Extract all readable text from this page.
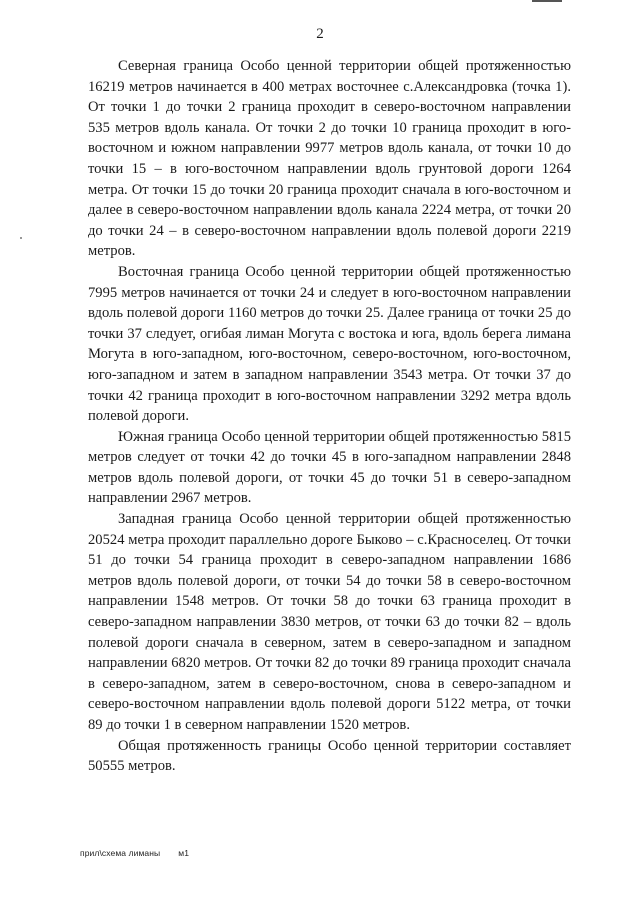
2

Северная граница Особо ценной территории общей протяженностью 16219 метров начинается в 400 метрах восточнее с.Александровка (точка 1). От точки 1 до точки 2 граница проходит в северо-восточном направлении 535 метров вдоль канала. От точки 2 до точки 10 граница проходит в юго-восточном и южном направлении 9977 метров вдоль канала, от точки 10 до точки 15 – в юго-восточном направлении вдоль грунтовой дороги 1264 метра. От точки 15 до точки 20 граница проходит сначала в юго-восточном и далее в северо-восточном направлении вдоль канала 2224 метра, от точки 20 до точки 24 – в северо-восточном направлении вдоль полевой дороги 2219 метров.

Восточная граница Особо ценной территории общей протяженностью 7995 метров начинается от точки 24 и следует в юго-восточном направлении вдоль полевой дороги 1160 метров до точки 25. Далее граница от точки 25 до точки 37 следует, огибая лиман Могута с востока и юга, вдоль берега лимана Могута в юго-западном, юго-восточном, северо-восточном, юго-восточном, юго-западном и затем в западном направлении 3543 метра. От точки 37 до точки 42 граница проходит в юго-восточном направлении 3292 метра вдоль полевой дороги.

Южная граница Особо ценной территории общей протяженностью 5815 метров следует от точки 42 до точки 45 в юго-западном направлении 2848 метров вдоль полевой дороги, от точки 45 до точки 51 в северо-западном направлении 2967 метров.

Западная граница Особо ценной территории общей протяженностью 20524 метра проходит параллельно дороге Быково – с.Красноселец. От точки 51 до точки 54 граница проходит в северо-западном направлении 1686 метров вдоль полевой дороги, от точки 54 до точки 58 в северо-восточном направлении 1548 метров. От точки 58 до точки 63 граница проходит в северо-западном направлении 3830 метров, от точки 63 до точки 82 – вдоль полевой дороги сначала в северном, затем в северо-западном и западном направлении 6820 метров. От точки 82 до точки 89 граница проходит сначала в северо-западном, затем в северо-восточном, снова в северо-западном и северо-восточном направлении вдоль полевой дороги 5122 метра, от точки 89 до точки 1 в северном направлении 1520 метров.

Общая протяженность границы Особо ценной территории составляет 50555 метров.

прил\схема лиманы м1
